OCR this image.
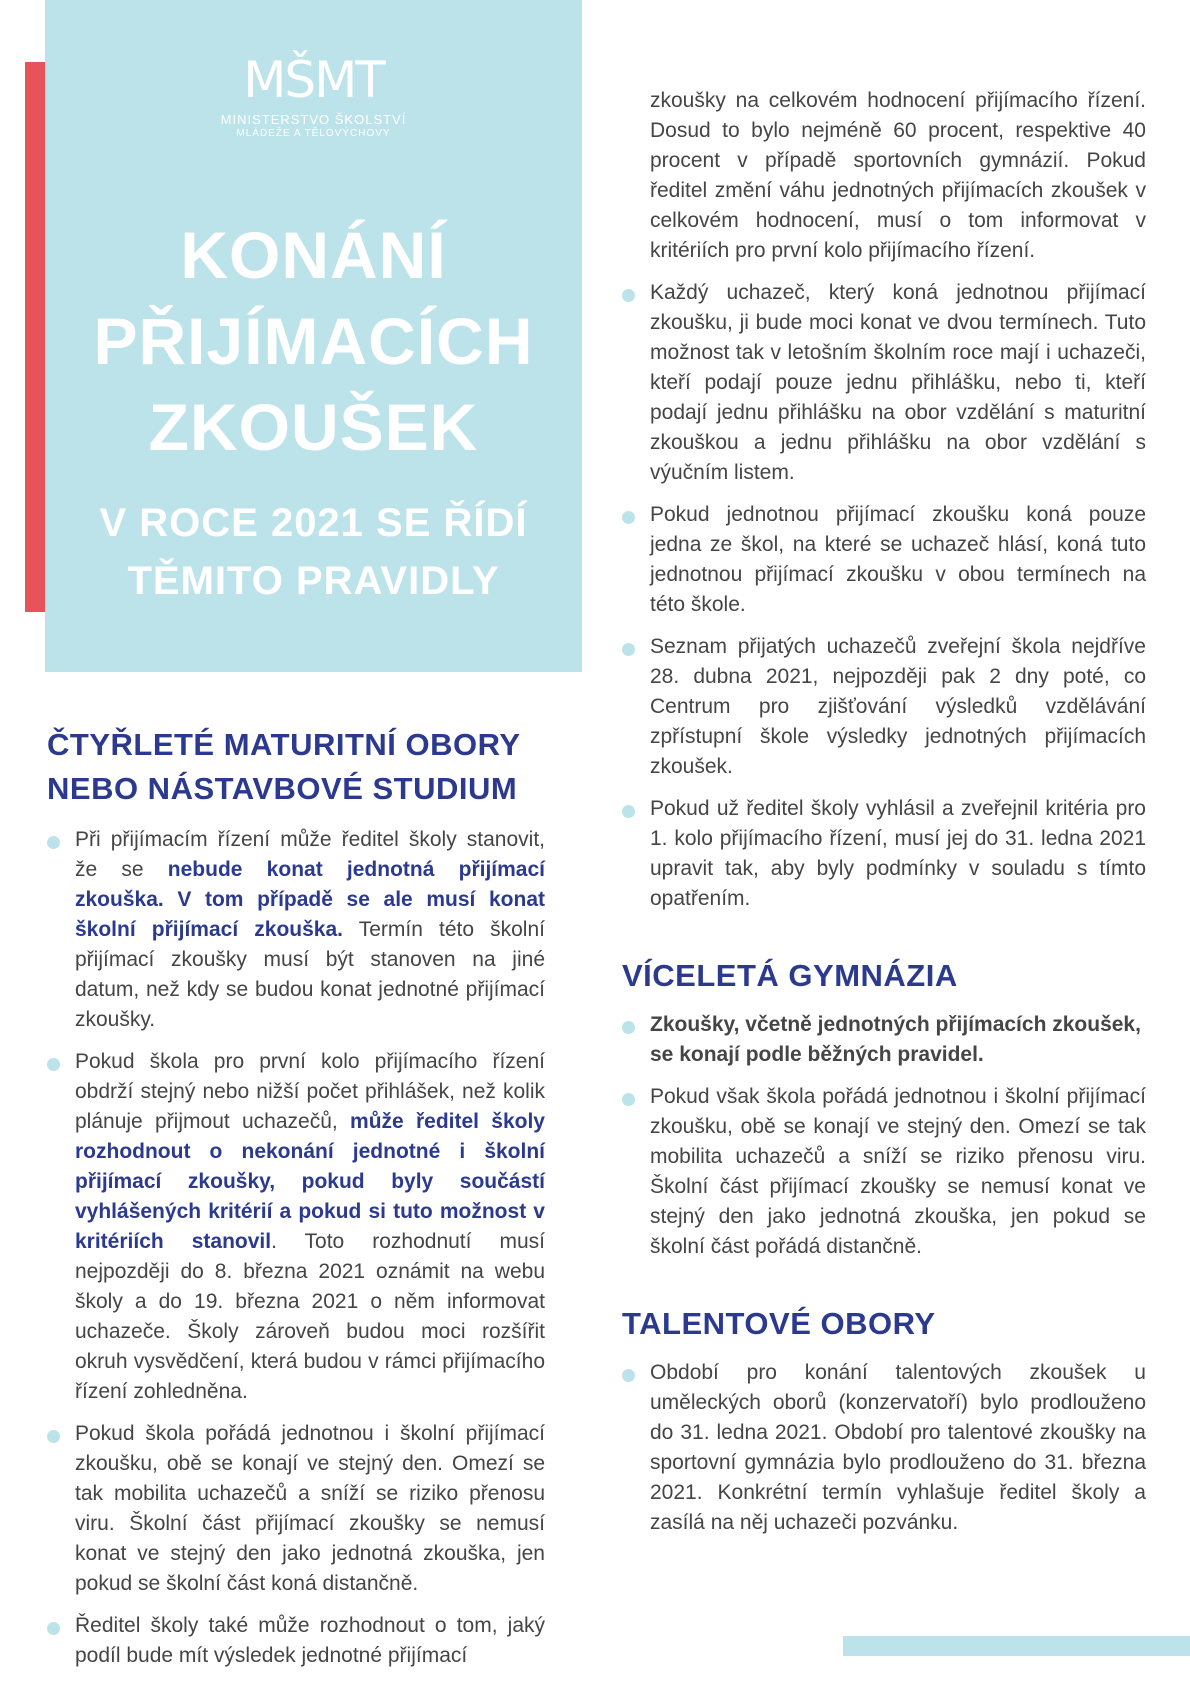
MŠMT
MINISTERSTVO ŠKOLSTVÍ
MLÁDEŽE A TĚLOVÝCHOVY
KONÁNÍ
PŘIJÍMACÍCH
ZKOUŠEK
V ROCE 2021 SE ŘÍDÍ
TĚMITO PRAVIDLY
ČTYŘLETÉ MATURITNÍ OBORY
NEBO NÁSTAVBOVÉ STUDIUM
Při přijímacím řízení může ředitel školy stanovit, že se nebude konat jednotná přijímací zkouška. V tom případě se ale musí konat školní přijímací zkouška. Termín této školní přijímací zkoušky musí být stanoven na jiné datum, než kdy se budou konat jednotné přijímací zkoušky.
Pokud škola pro první kolo přijímacího řízení obdrží stejný nebo nižší počet přihlášek, než kolik plánuje přijmout uchazečů, může ředitel školy rozhodnout o nekonání jednotné i školní přijímací zkoušky, pokud byly součástí vyhlášených kritérií a pokud si tuto možnost v kritériích stanovil. Toto rozhodnutí musí nejpozději do 8. března 2021 oznámit na webu školy a do 19. března 2021 o něm informovat uchazeče. Školy zároveň budou moci rozšířit okruh vysvědčení, která budou v rámci přijímacího řízení zohledněna.
Pokud škola pořádá jednotnou i školní přijímací zkoušku, obě se konají ve stejný den. Omezí se tak mobilita uchazečů a sníží se riziko přenosu viru. Školní část přijímací zkoušky se nemusí konat ve stejný den jako jednotná zkouška, jen pokud se školní část koná distančně.
Ředitel školy také může rozhodnout o tom, jaký podíl bude mít výsledek jednotné přijímací
zkoušky na celkovém hodnocení přijímacího řízení. Dosud to bylo nejméně 60 procent, respektive 40 procent v případě sportovních gymnázií. Pokud ředitel změní váhu jednotných přijímacích zkoušek v celkovém hodnocení, musí o tom informovat v kritériích pro první kolo přijímacího řízení.
Každý uchazeč, který koná jednotnou přijímací zkoušku, ji bude moci konat ve dvou termínech. Tuto možnost tak v letošním školním roce mají i uchazeči, kteří podají pouze jednu přihlášku, nebo ti, kteří podají jednu přihlášku na obor vzdělání s maturitní zkouškou a jednu přihlášku na obor vzdělání s výučním listem.
Pokud jednotnou přijímací zkoušku koná pouze jedna ze škol, na které se uchazeč hlásí, koná tuto jednotnou přijímací zkoušku v obou termínech na této škole.
Seznam přijatých uchazečů zveřejní škola nejdříve 28. dubna 2021, nejpozději pak 2 dny poté, co Centrum pro zjišťování výsledků vzdělávání zpřístupní škole výsledky jednotných přijímacích zkoušek.
Pokud už ředitel školy vyhlásil a zveřejnil kritéria pro 1. kolo přijímacího řízení, musí jej do 31. ledna 2021 upravit tak, aby byly podmínky v souladu s tímto opatřením.
VÍCELETÁ GYMNÁZIA
Zkoušky, včetně jednotných přijímacích zkoušek, se konají podle běžných pravidel.
Pokud však škola pořádá jednotnou i školní přijímací zkoušku, obě se konají ve stejný den. Omezí se tak mobilita uchazečů a sníží se riziko přenosu viru. Školní část přijímací zkoušky se nemusí konat ve stejný den jako jednotná zkouška, jen pokud se školní část pořádá distančně.
TALENTOVÉ OBORY
Období pro konání talentových zkoušek u uměleckých oborů (konzervatoří) bylo prodlouženo do 31. ledna 2021. Období pro talentové zkoušky na sportovní gymnázia bylo prodlouženo do 31. března 2021. Konkrétní termín vyhlašuje ředitel školy a zasílá na něj uchazeči pozvánku.
